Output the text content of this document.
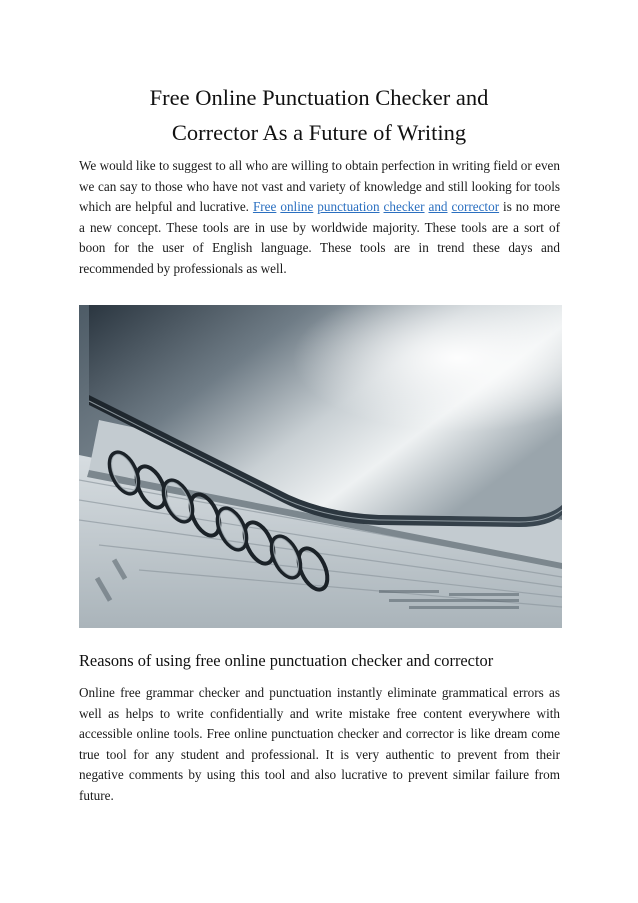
Free Online Punctuation Checker and
Corrector As a Future of Writing

We would like to suggest to all who are willing to obtain perfection in writing field or even we can say to those who have not vast and variety of knowledge and still looking for tools which are helpful and lucrative. Free online punctuation checker and corrector is no more a new concept. These tools are in use by worldwide majority. These tools are a sort of boon for the user of English language. These tools are in trend these days and recommended by professionals as well.

Reasons of using free online punctuation checker and corrector

Online free grammar checker and punctuation instantly eliminate grammatical errors as well as helps to write confidentially and write mistake free content everywhere with accessible online tools. Free online punctuation checker and corrector is like dream come true tool for any student and professional. It is very authentic to prevent from their negative comments by using this tool and also lucrative to prevent similar failure from future.
